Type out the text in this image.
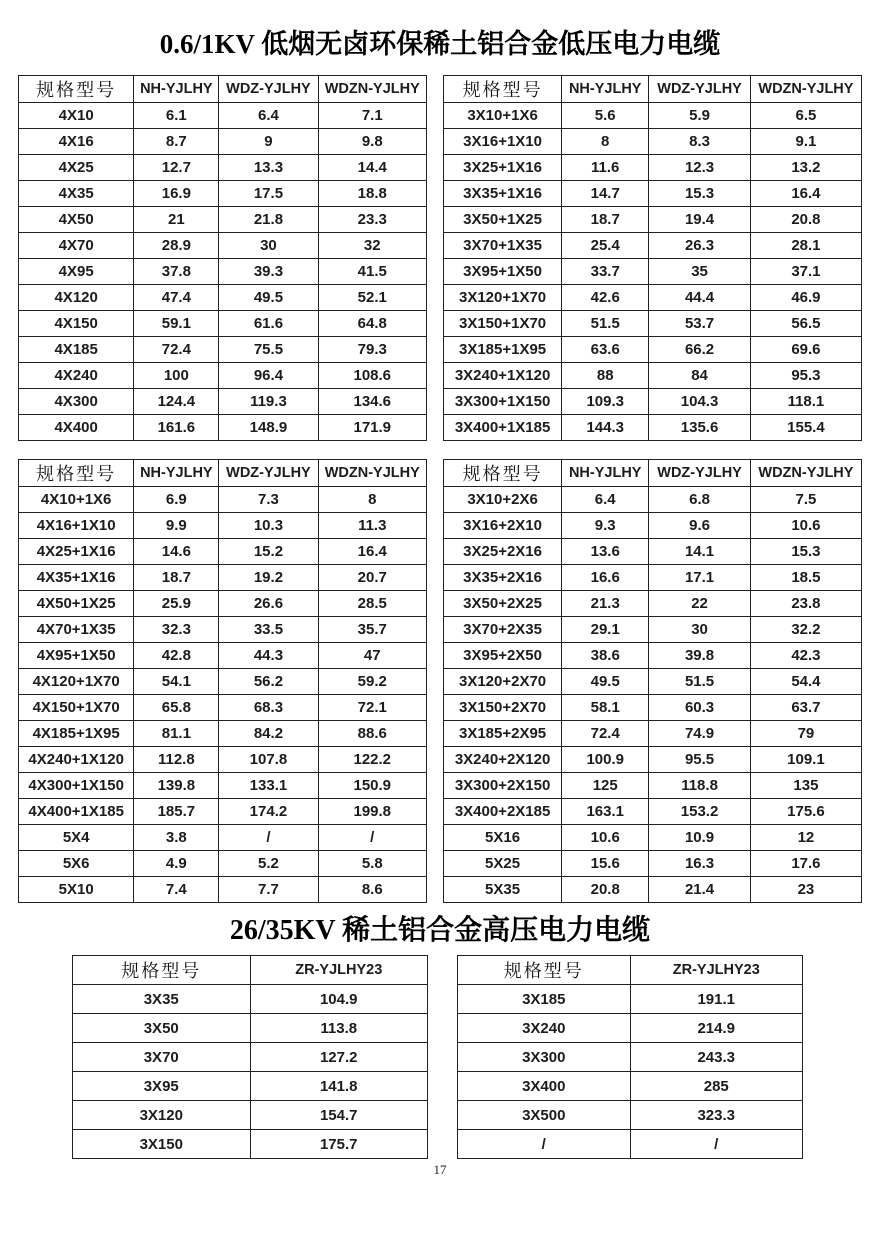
0.6/1KV 低烟无卤环保稀土铝合金低压电力电缆
规格型号	NH-YJLHY	WDZ-YJLHY	WDZN-YJLHY
4X10	6.1	6.4	7.1
4X16	8.7	9	9.8
4X25	12.7	13.3	14.4
4X35	16.9	17.5	18.8
4X50	21	21.8	23.3
4X70	28.9	30	32
4X95	37.8	39.3	41.5
4X120	47.4	49.5	52.1
4X150	59.1	61.6	64.8
4X185	72.4	75.5	79.3
4X240	100	96.4	108.6
4X300	124.4	119.3	134.6
4X400	161.6	148.9	171.9
规格型号	NH-YJLHY	WDZ-YJLHY	WDZN-YJLHY
3X10+1X6	5.6	5.9	6.5
3X16+1X10	8	8.3	9.1
3X25+1X16	11.6	12.3	13.2
3X35+1X16	14.7	15.3	16.4
3X50+1X25	18.7	19.4	20.8
3X70+1X35	25.4	26.3	28.1
3X95+1X50	33.7	35	37.1
3X120+1X70	42.6	44.4	46.9
3X150+1X70	51.5	53.7	56.5
3X185+1X95	63.6	66.2	69.6
3X240+1X120	88	84	95.3
3X300+1X150	109.3	104.3	118.1
3X400+1X185	144.3	135.6	155.4
规格型号	NH-YJLHY	WDZ-YJLHY	WDZN-YJLHY
4X10+1X6	6.9	7.3	8
4X16+1X10	9.9	10.3	11.3
4X25+1X16	14.6	15.2	16.4
4X35+1X16	18.7	19.2	20.7
4X50+1X25	25.9	26.6	28.5
4X70+1X35	32.3	33.5	35.7
4X95+1X50	42.8	44.3	47
4X120+1X70	54.1	56.2	59.2
4X150+1X70	65.8	68.3	72.1
4X185+1X95	81.1	84.2	88.6
4X240+1X120	112.8	107.8	122.2
4X300+1X150	139.8	133.1	150.9
4X400+1X185	185.7	174.2	199.8
5X4	3.8	/	/
5X6	4.9	5.2	5.8
5X10	7.4	7.7	8.6
规格型号	NH-YJLHY	WDZ-YJLHY	WDZN-YJLHY
3X10+2X6	6.4	6.8	7.5
3X16+2X10	9.3	9.6	10.6
3X25+2X16	13.6	14.1	15.3
3X35+2X16	16.6	17.1	18.5
3X50+2X25	21.3	22	23.8
3X70+2X35	29.1	30	32.2
3X95+2X50	38.6	39.8	42.3
3X120+2X70	49.5	51.5	54.4
3X150+2X70	58.1	60.3	63.7
3X185+2X95	72.4	74.9	79
3X240+2X120	100.9	95.5	109.1
3X300+2X150	125	118.8	135
3X400+2X185	163.1	153.2	175.6
5X16	10.6	10.9	12
5X25	15.6	16.3	17.6
5X35	20.8	21.4	23
26/35KV 稀土铝合金高压电力电缆
规格型号	ZR-YJLHY23
3X35	104.9
3X50	113.8
3X70	127.2
3X95	141.8
3X120	154.7
3X150	175.7
规格型号	ZR-YJLHY23
3X185	191.1
3X240	214.9
3X300	243.3
3X400	285
3X500	323.3
/	/
17
